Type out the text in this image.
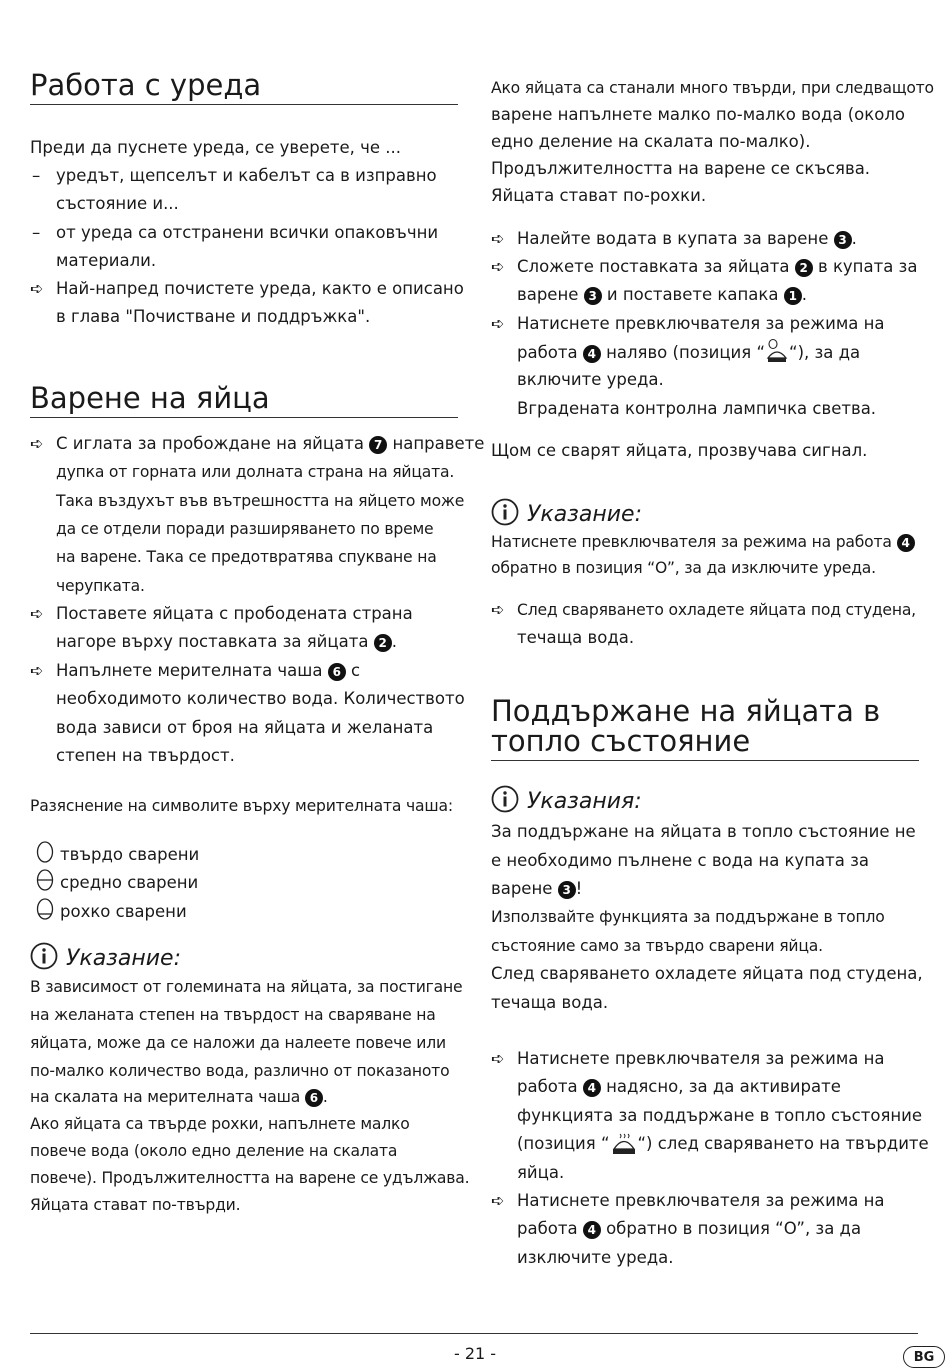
Работа с уреда
Преди да пуснете уреда, се уверете, че ...
– уредът, щепселът и кабелът са в изправно
състояние и...
– от уреда са отстранени всички опаковъчни
материали.
➪ Най-напред почистете уреда, както е описано
в глава "Почистване и поддръжка".
Варене на яйца
➪ С иглата за пробождане на яйцата 7 направете
дупка от горната или долната страна на яйцата.
Така въздухът във вътрешността на яйцето може
да се отдели поради разширяването по време
на варене. Така се предотвратява спукване на
черупката.
➪ Поставете яйцата с прободената страна
нагоре върху поставката за яйцата 2 .
➪ Напълнете мерителната чаша 6 с
необходимото количество вода. Количеството
вода зависи от броя на яйцата и желаната
степен на твърдост.
Разяснение на символите върху мерителната чаша:
твърдо сварени
средно сварени
рохко сварени
Указание:
В зависимост от големината на яйцата, за постигане
на желаната степен на твърдост на сваряване на
яйцата, може да се наложи да налеете повече или
по-малко количество вода, различно от показаното
на скалата на мерителната чаша 6 .
Ако яйцата са твърде рохки, напълнете малко
повече вода (около едно деление на скалата
повече). Продължителността на варене се удължава.
Яйцата стават по-твърди.
Ако яйцата са станали много твърди, при следващото
варене напълнете малко по-малко вода (около
едно деление на скалата по-малко).
Продължителността на варене се скъсява.
Яйцата стават по-рохки.
➪ Налейте водата в купата за варене 3 .
➪ Сложете поставката за яйцата 2 в купата за
варене 3 и поставете капака 1 .
➪ Натиснете превключвателя за режима на
работа 4 наляво (позиция “ “), за да
включите уреда.
Вградената контролна лампичка светва.
Щом се сварят яйцата, прозвучава сигнал.
Указание:
Натиснете превключвателя за режима на работа 4
обратно в позиция “O”, за да изключите уреда.
➪ След сваряването охладете яйцата под студена,
течаща вода.
Поддържане на яйцата в
топло състояние
Указания:
За поддържане на яйцата в топло състояние не
е необходимо пълнене с вода на купата за
варене 3 !
Използвайте функцията за поддържане в топло
състояние само за твърдо сварени яйца.
След сваряването охладете яйцата под студена,
течаща вода.
➪ Натиснете превключвателя за режима на
работа 4 надясно, за да активирате
функцията за поддържане в топло състояние
(позиция “ “) след сваряването на твърдите
яйца.
➪ Натиснете превключвателя за режима на
работа 4 обратно в позиция “O”, за да
изключите уреда.
- 21 -	BG
